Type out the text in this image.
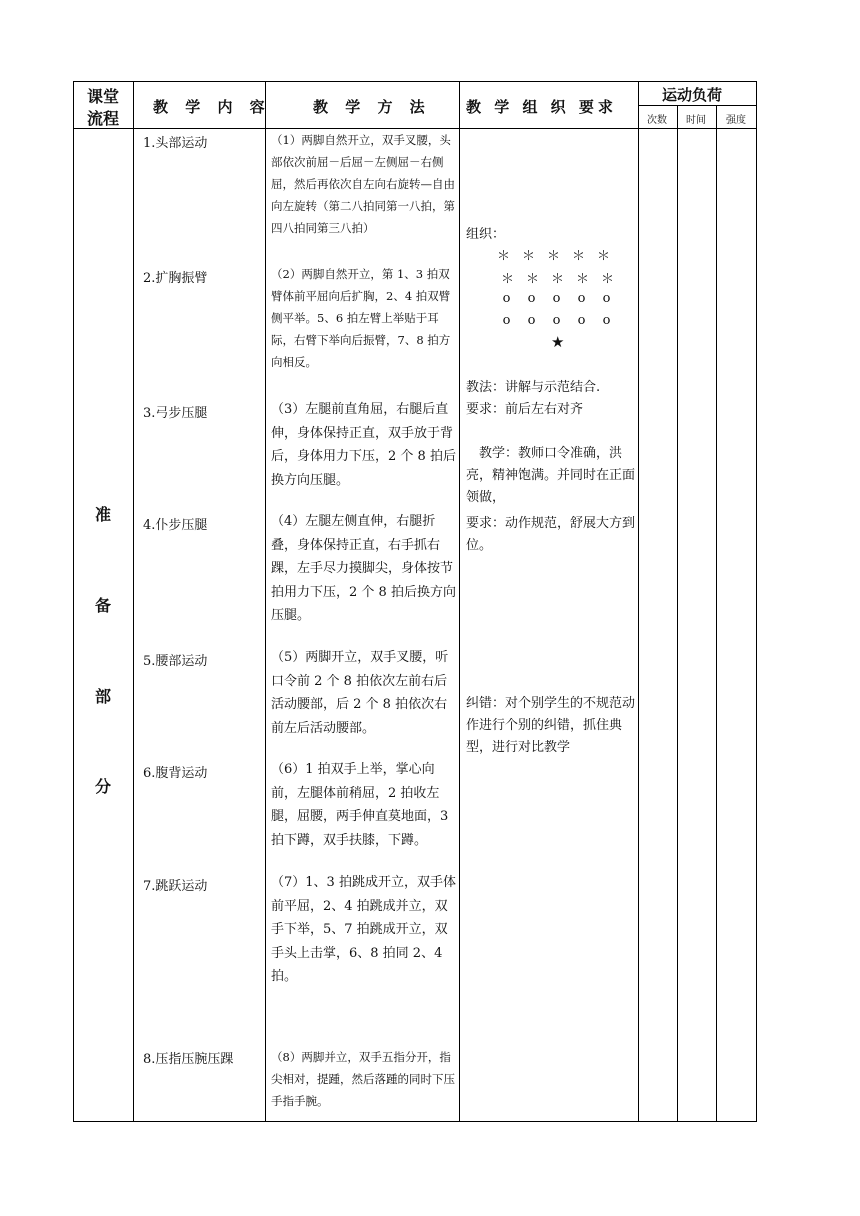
课堂
流程
教 学 内 容	教 学 方 法 教 学 组 织 要求
运动负荷
次数 时间 强度
准
备
部
分
1.头部运动
2.扩胸振臂
3.弓步压腿
4.仆步压腿
5.腰部运动
6.腹背运动
7.跳跃运动
8.压指压腕压踝
（1）两脚自然开立，双手叉腰，头部依次前屈－后屈－左侧屈－右侧屈，然后再依次自左向右旋转—自由向左旋转（第二八拍同第一八拍，第四八拍同第三八拍）
（2）两脚自然开立，第 1、3 拍双臂体前平屈向后扩胸，2、4 拍双臂侧平举。5、6 拍左臂上举贴于耳际，右臂下举向后振臂，7、8 拍方向相反。
（3）左腿前直角屈，右腿后直伸，身体保持正直，双手放于背后，身体用力下压，2 个 8 拍后换方向压腿。
（4）左腿左侧直伸，右腿折叠，身体保持正直，右手抓右踝，左手尽力摸脚尖，身体按节拍用力下压，2 个 8 拍后换方向压腿。
（5）两脚开立，双手叉腰，听口令前 2 个 8 拍依次左前右后活动腰部，后 2 个 8 拍依次右前左后活动腰部。
（6）1 拍双手上举，掌心向前，左腿体前稍屈，2 拍收左腿，屈腰，两手伸直莫地面，3 拍下蹲，双手扶膝，下蹲。
（7）1、3 拍跳成开立，双手体前平屈，2、4 拍跳成并立，双手下举，5、7 拍跳成开立，双手头上击掌，6、8 拍同 2、4 拍。
（8）两脚并立，双手五指分开，指尖相对，提踵，然后落踵的同时下压手指手腕。
组织：
＊ ＊ ＊ ＊ ＊
＊ ＊ ＊ ＊ ＊
o o o o o
o o o o o
★
教法：讲解与示范结合.
要求：前后左右对齐
教学：教师口令准确，洪亮，精神饱满。并同时在正面领做，
要求：动作规范，舒展大方到位。
纠错：对个别学生的不规范动作进行个别的纠错，抓住典型，进行对比教学
